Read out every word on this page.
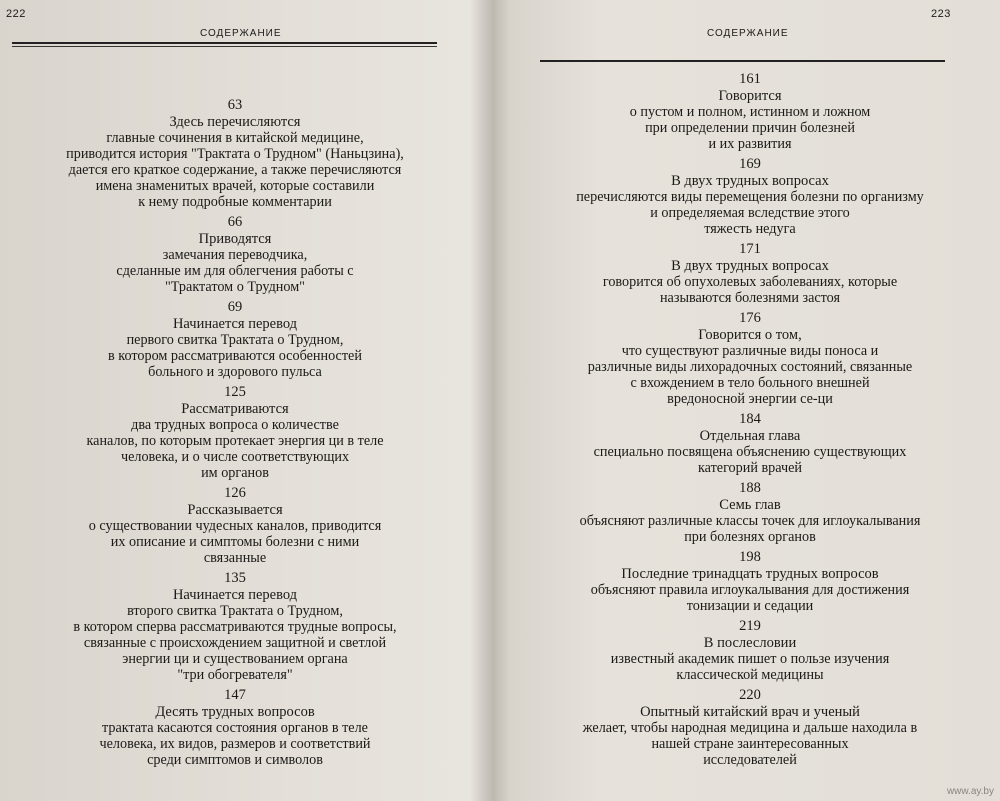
222
СОДЕРЖАНИЕ
63
Здесь перечисляются
главные сочинения в китайской медицине,
приводится история "Трактата о Трудном" (Наньцзина),
дается его краткое содержание, а также перечисляются
имена знаменитых врачей, которые составили
к нему подробные комментарии
66
Приводятся
замечания переводчика,
сделанные им для облегчения работы с
"Трактатом о Трудном"
69
Начинается перевод
первого свитка Трактата о Трудном,
в котором рассматриваются особенностей
больного и здорового пульса
125
Рассматриваются
два трудных вопроса о количестве
каналов, по которым протекает энергия ци в теле
человека, и о числе соответствующих
им органов
126
Рассказывается
о существовании чудесных каналов, приводится
их описание и симптомы болезни с ними
связанные
135
Начинается перевод
второго свитка Трактата о Трудном,
в котором сперва рассматриваются трудные вопросы,
связанные с происхождением защитной и светлой
энергии ци и существованием органа
"три обогревателя"
147
Десять трудных вопросов
трактата касаются состояния органов в теле
человека, их видов, размеров и соответствий
среди симптомов и символов
223
СОДЕРЖАНИЕ
161
Говорится
о пустом и полном, истинном и ложном
при определении причин болезней
и их развития
169
В двух трудных вопросах
перечисляются виды перемещения болезни по организму
и определяемая вследствие этого
тяжесть недуга
171
В двух трудных вопросах
говорится об опухолевых заболеваниях, которые
называются болезнями застоя
176
Говорится о том,
что существуют различные виды поноса и
различные виды лихорадочных состояний, связанные
с вхождением в тело больного внешней
вредоносной энергии се-ци
184
Отдельная глава
специально посвящена объяснению существующих
категорий врачей
188
Семь глав
объясняют различные классы точек для иглоукалывания
при болезнях органов
198
Последние тринадцать трудных вопросов
объясняют правила иглоукалывания для достижения
тонизации и седации
219
В послесловии
известный академик пишет о пользе изучения
классической медицины
220
Опытный китайский врач и ученый
желает, чтобы народная медицина и дальше находила в
нашей стране заинтересованных
исследователей
www.ay.by
